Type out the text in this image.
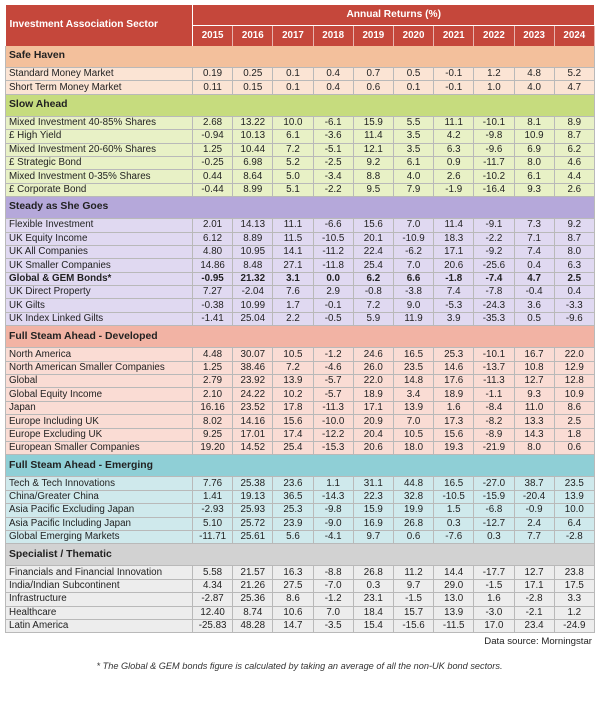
Investment Association Sector	Annual Returns (%)									
	2015	2016	2017	2018	2019	2020	2021	2022	2023	2024
Safe Haven										
Standard Money Market	0.19	0.25	0.1	0.4	0.7	0.5	-0.1	1.2	4.8	5.2
Short Term Money Market	0.11	0.15	0.1	0.4	0.6	0.1	-0.1	1.0	4.0	4.7
Slow Ahead										
Mixed Investment 40-85% Shares	2.68	13.22	10.0	-6.1	15.9	5.5	11.1	-10.1	8.1	8.9
£ High Yield	-0.94	10.13	6.1	-3.6	11.4	3.5	4.2	-9.8	10.9	8.7
Mixed Investment 20-60% Shares	1.25	10.44	7.2	-5.1	12.1	3.5	6.3	-9.6	6.9	6.2
£ Strategic Bond	-0.25	6.98	5.2	-2.5	9.2	6.1	0.9	-11.7	8.0	4.6
Mixed Investment 0-35% Shares	0.44	8.64	5.0	-3.4	8.8	4.0	2.6	-10.2	6.1	4.4
£ Corporate Bond	-0.44	8.99	5.1	-2.2	9.5	7.9	-1.9	-16.4	9.3	2.6
Steady as She Goes										
Flexible Investment	2.01	14.13	11.1	-6.6	15.6	7.0	11.4	-9.1	7.3	9.2
UK Equity Income	6.12	8.89	11.5	-10.5	20.1	-10.9	18.3	-2.2	7.1	8.7
UK All Companies	4.80	10.95	14.1	-11.2	22.4	-6.2	17.1	-9.2	7.4	8.0
UK Smaller Companies	14.86	8.48	27.1	-11.8	25.4	7.0	20.6	-25.6	0.4	6.3
Global & GEM Bonds*	-0.95	21.32	3.1	0.0	6.2	6.6	-1.8	-7.4	4.7	2.5
UK Direct Property	7.27	-2.04	7.6	2.9	-0.8	-3.8	7.4	-7.8	-0.4	0.4
UK Gilts	-0.38	10.99	1.7	-0.1	7.2	9.0	-5.3	-24.3	3.6	-3.3
UK Index Linked Gilts	-1.41	25.04	2.2	-0.5	5.9	11.9	3.9	-35.3	0.5	-9.6
Full Steam Ahead - Developed										
North America	4.48	30.07	10.5	-1.2	24.6	16.5	25.3	-10.1	16.7	22.0
North American Smaller Companies	1.25	38.46	7.2	-4.6	26.0	23.5	14.6	-13.7	10.8	12.9
Global	2.79	23.92	13.9	-5.7	22.0	14.8	17.6	-11.3	12.7	12.8
Global Equity Income	2.10	24.22	10.2	-5.7	18.9	3.4	18.9	-1.1	9.3	10.9
Japan	16.16	23.52	17.8	-11.3	17.1	13.9	1.6	-8.4	11.0	8.6
Europe Including UK	8.02	14.16	15.6	-10.0	20.9	7.0	17.3	-8.2	13.3	2.5
Europe Excluding UK	9.25	17.01	17.4	-12.2	20.4	10.5	15.6	-8.9	14.3	1.8
European Smaller Companies	19.20	14.52	25.4	-15.3	20.6	18.0	19.3	-21.9	8.0	0.6
Full Steam Ahead - Emerging										
Tech & Tech Innovations	7.76	25.38	23.6	1.1	31.1	44.8	16.5	-27.0	38.7	23.5
China/Greater China	1.41	19.13	36.5	-14.3	22.3	32.8	-10.5	-15.9	-20.4	13.9
Asia Pacific Excluding Japan	-2.93	25.93	25.3	-9.8	15.9	19.9	1.5	-6.8	-0.9	10.0
Asia Pacific Including Japan	5.10	25.72	23.9	-9.0	16.9	26.8	0.3	-12.7	2.4	6.4
Global Emerging Markets	-11.71	25.61	5.6	-4.1	9.7	0.6	-7.6	0.3	7.7	-2.8
Specialist / Thematic										
Financials and Financial Innovation	5.58	21.57	16.3	-8.8	26.8	11.2	14.4	-17.7	12.7	23.8
India/Indian Subcontinent	4.34	21.26	27.5	-7.0	0.3	9.7	29.0	-1.5	17.1	17.5
Infrastructure	-2.87	25.36	8.6	-1.2	23.1	-1.5	13.0	1.6	-2.8	3.3
Healthcare	12.40	8.74	10.6	7.0	18.4	15.7	13.9	-3.0	-2.1	1.2
Latin America	-25.83	48.28	14.7	-3.5	15.4	-15.6	-11.5	17.0	23.4	-24.9
Data source: Morningstar
* The Global & GEM bonds figure is calculated by taking an average of all the non-UK bond sectors.
